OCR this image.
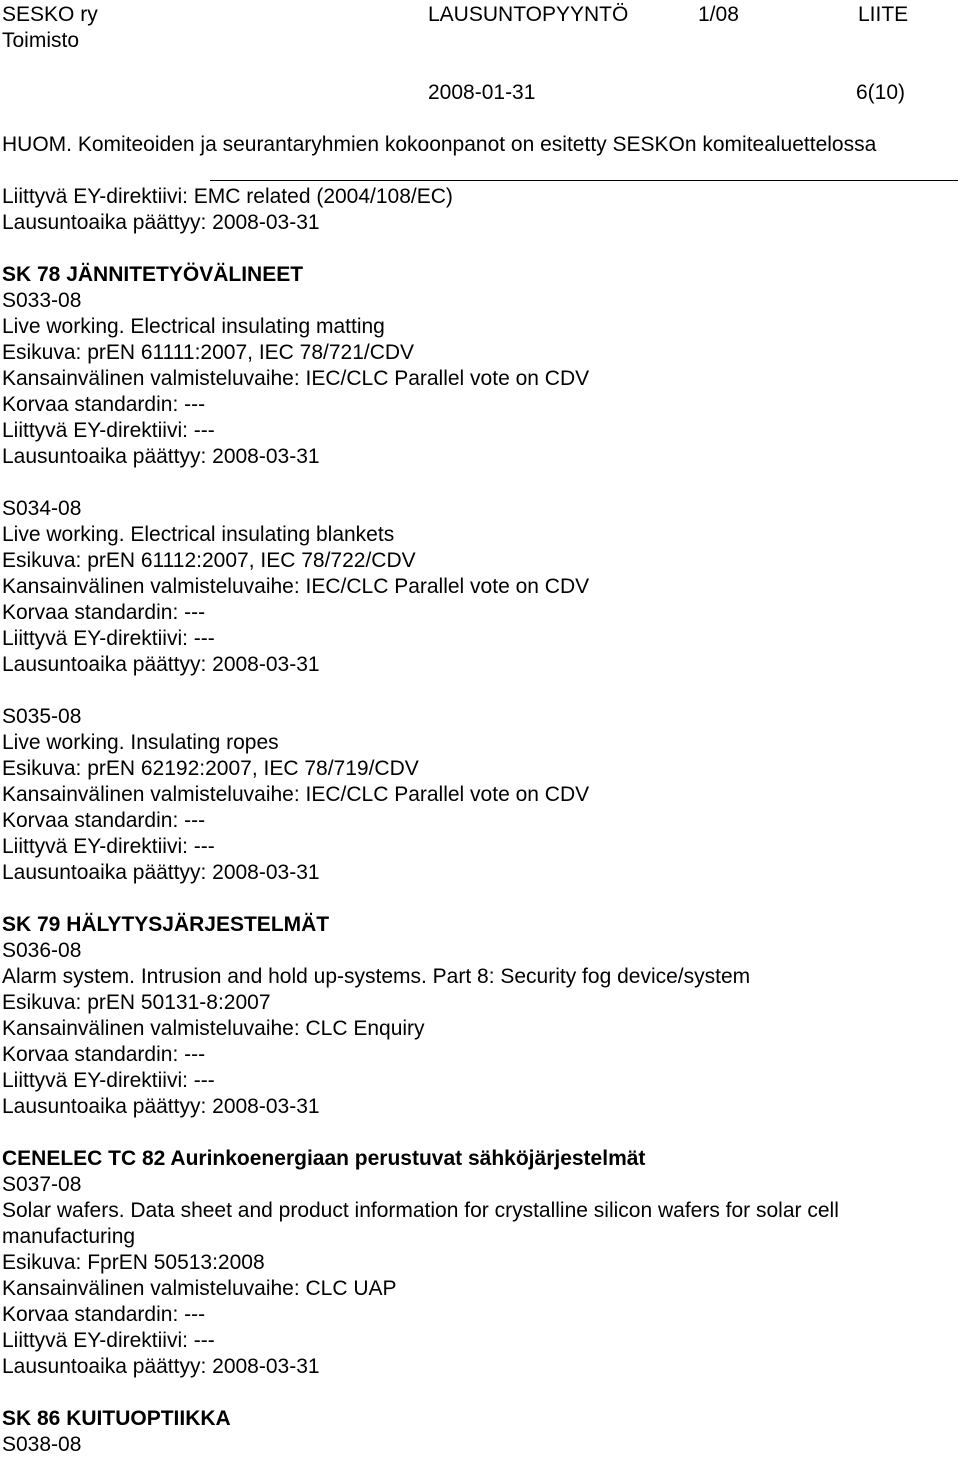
SESKO ry
Toimisto
LAUSUNTOPYYNTÖ	1/08	LIITE
2008-01-31	6(10)
HUOM. Komiteoiden ja seurantaryhmien kokoonpanot on esitetty SESKOn komitealuettelossa
Liittyvä EY-direktiivi: EMC related (2004/108/EC)
Lausuntoaika päättyy: 2008-03-31
SK 78 JÄNNITETYÖVÄLINEET
S033-08
Live working. Electrical insulating matting
Esikuva: prEN 61111:2007, IEC 78/721/CDV
Kansainvälinen valmisteluvaihe: IEC/CLC Parallel vote on CDV
Korvaa standardin: ---
Liittyvä EY-direktiivi: ---
Lausuntoaika päättyy: 2008-03-31
S034-08
Live working. Electrical insulating blankets
Esikuva: prEN 61112:2007, IEC 78/722/CDV
Kansainvälinen valmisteluvaihe: IEC/CLC Parallel vote on CDV
Korvaa standardin: ---
Liittyvä EY-direktiivi: ---
Lausuntoaika päättyy: 2008-03-31
S035-08
Live working. Insulating ropes
Esikuva: prEN 62192:2007, IEC 78/719/CDV
Kansainvälinen valmisteluvaihe: IEC/CLC Parallel vote on CDV
Korvaa standardin: ---
Liittyvä EY-direktiivi: ---
Lausuntoaika päättyy: 2008-03-31
SK 79 HÄLYTYSJÄRJESTELMÄT
S036-08
Alarm system. Intrusion and hold up-systems. Part 8: Security fog device/system
Esikuva: prEN 50131-8:2007
Kansainvälinen valmisteluvaihe: CLC Enquiry
Korvaa standardin: ---
Liittyvä EY-direktiivi: ---
Lausuntoaika päättyy: 2008-03-31
CENELEC TC 82 Aurinkoenergiaan perustuvat sähköjärjestelmät
S037-08
Solar wafers. Data sheet and product information for crystalline silicon wafers for solar cell
manufacturing
Esikuva: FprEN 50513:2008
Kansainvälinen valmisteluvaihe: CLC UAP
Korvaa standardin: ---
Liittyvä EY-direktiivi: ---
Lausuntoaika päättyy: 2008-03-31
SK 86 KUITUOPTIIKKA
S038-08
